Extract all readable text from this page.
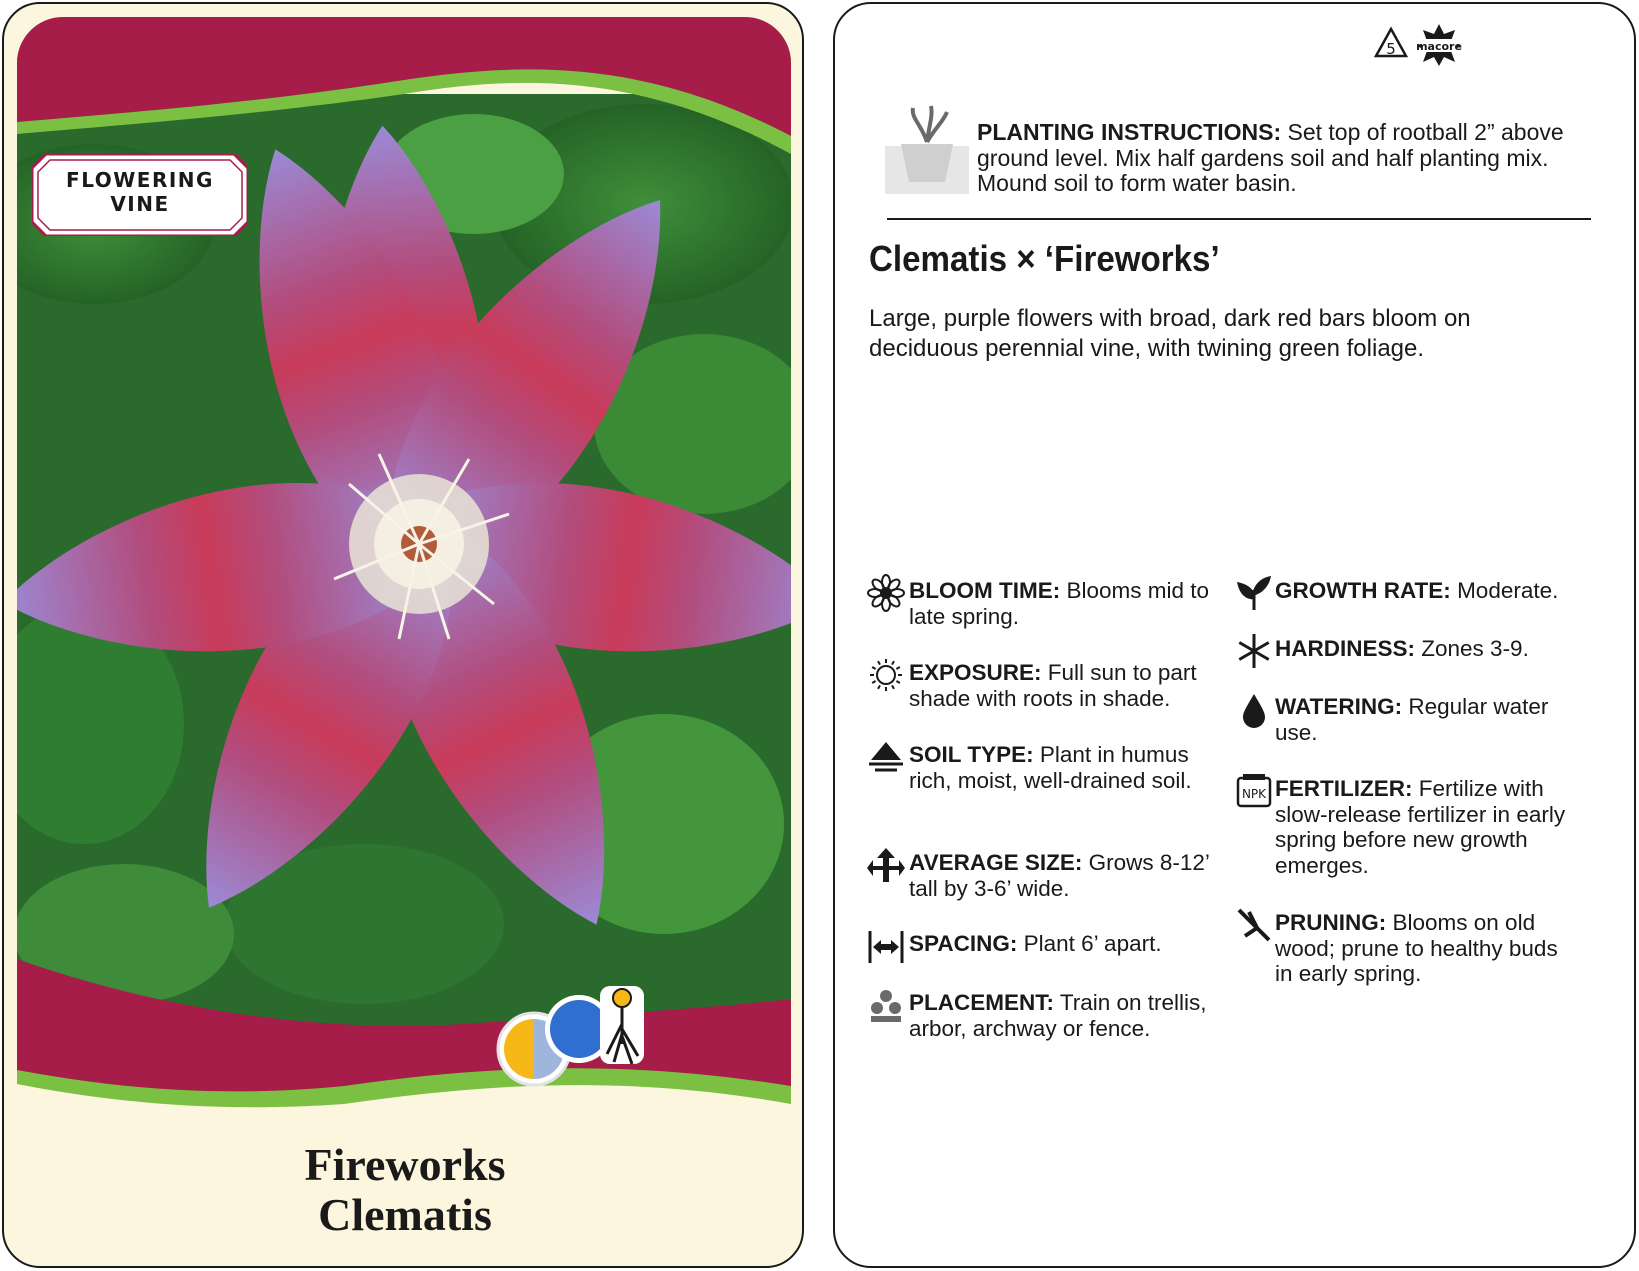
FLOWERING
VINE
Fireworks
Clematis
5 macore
PLANTING INSTRUCTIONS: Set top of rootball 2” above ground level. Mix half gardens soil and half planting mix. Mound soil to form water basin.
Clematis × ‘Fireworks’
Large, purple flowers with broad, dark red bars bloom on deciduous perennial vine, with twining green foliage.
BLOOM TIME: Blooms mid to late spring.
EXPOSURE: Full sun to part shade with roots in shade.
SOIL TYPE: Plant in humus rich, moist, well-drained soil.
AVERAGE SIZE: Grows 8-12’ tall by 3-6’ wide.
SPACING: Plant 6’ apart.
PLACEMENT: Train on trellis, arbor, archway or fence.
GROWTH RATE: Moderate.
HARDINESS: Zones 3-9.
WATERING: Regular water use.
NPK FERTILIZER: Fertilize with slow-release fertilizer in early spring before new growth emerges.
PRUNING: Blooms on old wood; prune to healthy buds in early spring.
